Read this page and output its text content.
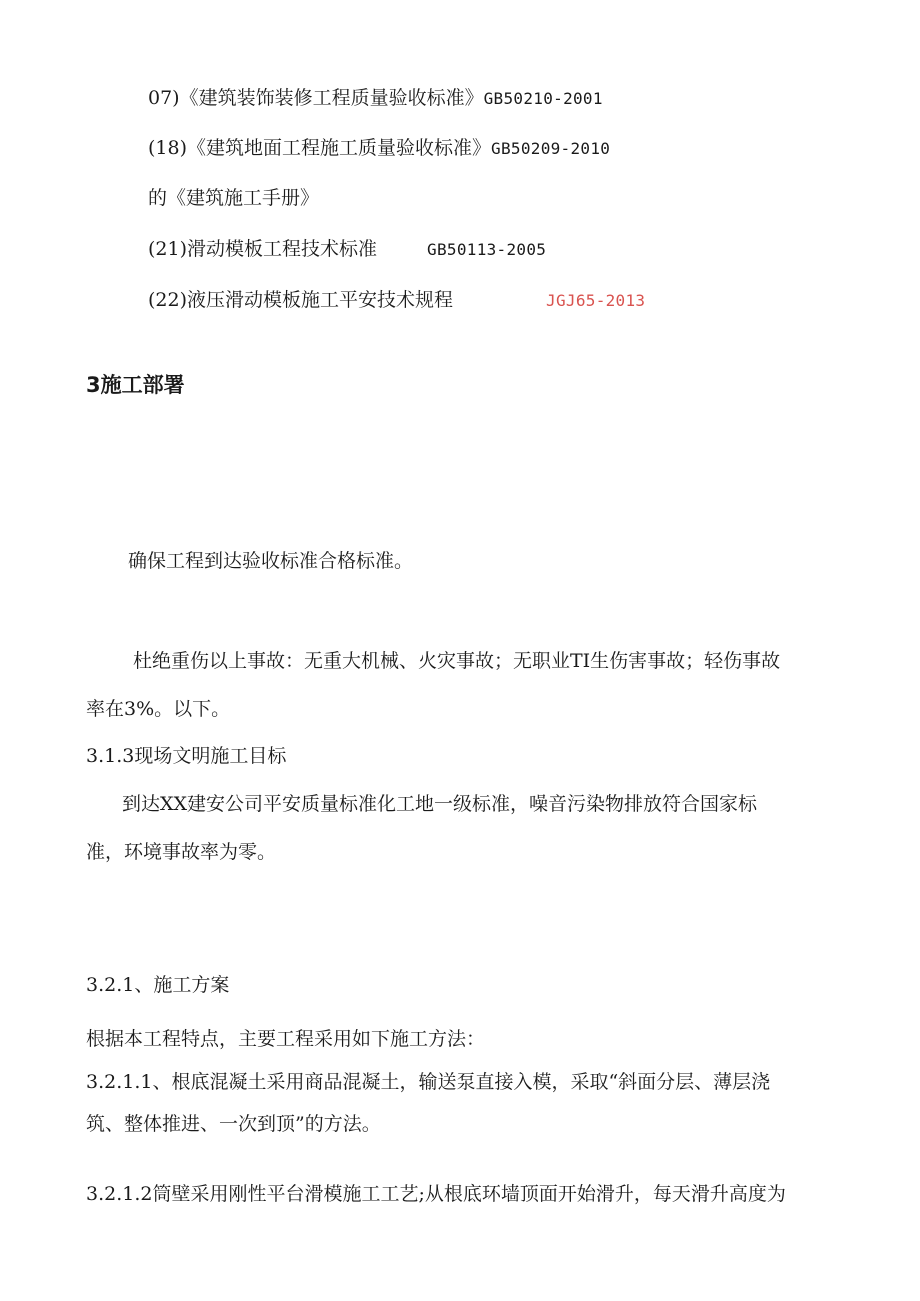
07)《建筑装饰装修工程质量验收标准》GB50210-2001
(18)《建筑地面工程施工质量验收标准》GB50209-2010
的《建筑施工手册》
(21)滑动模板工程技术标准	GB50113-2005
(22)液压滑动模板施工平安技术规程	JGJ65-2013
3施工部署
确保工程到达验收标准合格标准。
杜绝重伤以上事故：无重大机械、火灾事故；无职业TI生伤害事故；轻伤事故
率在3%。以下。
3.1.3现场文明施工目标
到达XX建安公司平安质量标准化工地一级标准，噪音污染物排放符合国家标
准，环境事故率为零。
3.2.1、施工方案
根据本工程特点，主要工程采用如下施工方法：
3.2.1.1、根底混凝土采用商品混凝土，输送泵直接入模，采取“斜面分层、薄层浇
筑、整体推进、一次到顶”的方法。
3.2.1.2筒壁采用刚性平台滑模施工工艺;从根底环墙顶面开始滑升，每天滑升高度为
